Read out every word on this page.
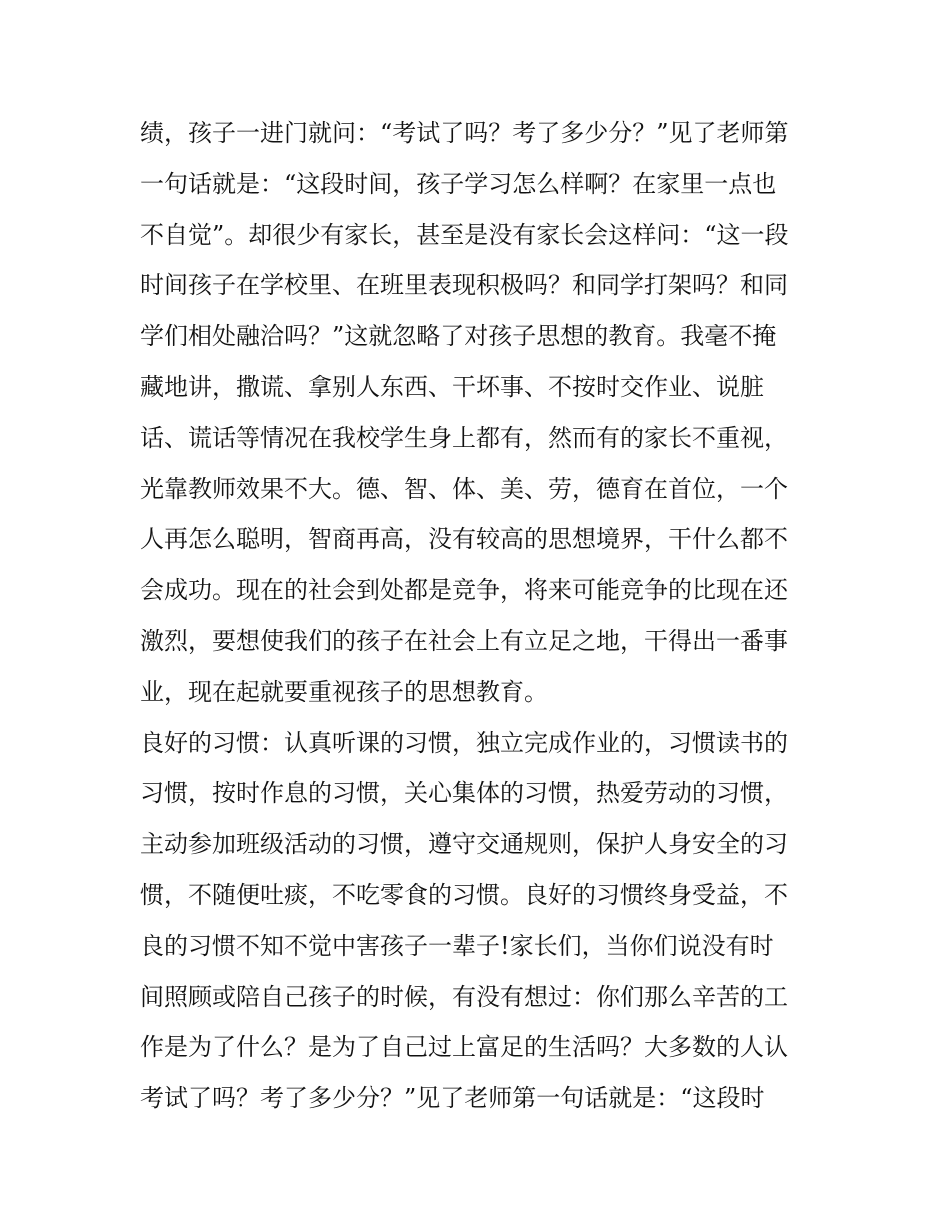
绩，孩子一进门就问：“考试了吗？考了多少分？”见了老师第
一句话就是：“这段时间，孩子学习怎么样啊？在家里一点也
不自觉”。却很少有家长，甚至是没有家长会这样问：“这一段
时间孩子在学校里、在班里表现积极吗？和同学打架吗？和同
学们相处融洽吗？”这就忽略了对孩子思想的教育。我毫不掩
藏地讲，撒谎、拿别人东西、干坏事、不按时交作业、说脏
话、谎话等情况在我校学生身上都有，然而有的家长不重视，
光靠教师效果不大。德、智、体、美、劳，德育在首位，一个
人再怎么聪明，智商再高，没有较高的思想境界，干什么都不
会成功。现在的社会到处都是竞争，将来可能竞争的比现在还
激烈，要想使我们的孩子在社会上有立足之地，干得出一番事
业，现在起就要重视孩子的思想教育。
良好的习惯：认真听课的习惯，独立完成作业的，习惯读书的
习惯，按时作息的习惯，关心集体的习惯，热爱劳动的习惯，
主动参加班级活动的习惯，遵守交通规则，保护人身安全的习
惯，不随便吐痰，不吃零食的习惯。良好的习惯终身受益，不
良的习惯不知不觉中害孩子一辈子!家长们，当你们说没有时
间照顾或陪自己孩子的时候，有没有想过：你们那么辛苦的工
作是为了什么？是为了自己过上富足的生活吗？大多数的人认
考试了吗？考了多少分？”见了老师第一句话就是：“这段时
